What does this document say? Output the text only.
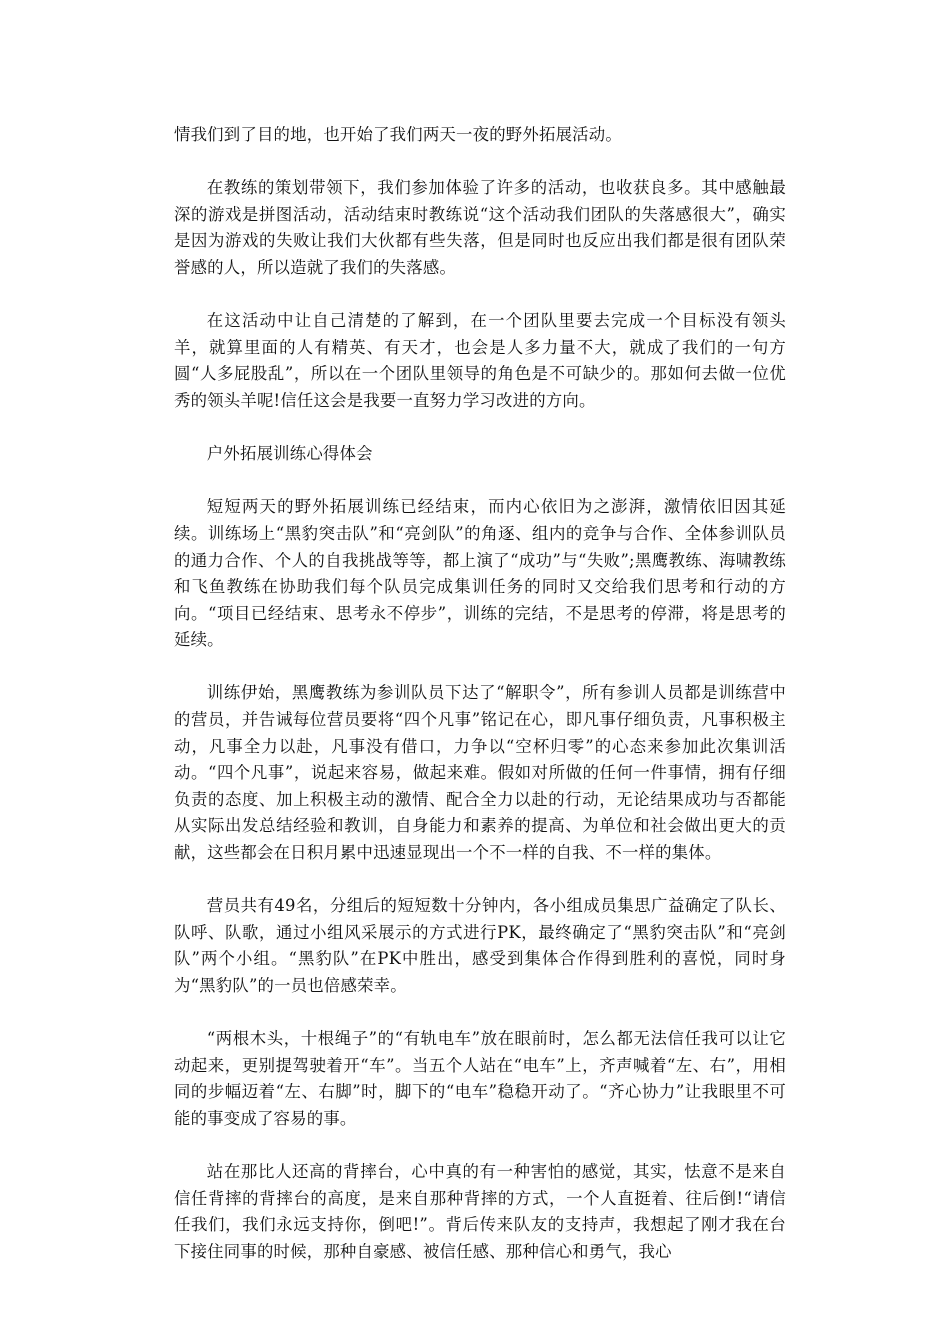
情我们到了目的地，也开始了我们两天一夜的野外拓展活动。

在教练的策划带领下，我们参加体验了许多的活动，也收获良多。其中感触最深的游戏是拼图活动，活动结束时教练说“这个活动我们团队的失落感很大”，确实是因为游戏的失败让我们大伙都有些失落，但是同时也反应出我们都是很有团队荣誉感的人，所以造就了我们的失落感。

在这活动中让自己清楚的了解到，在一个团队里要去完成一个目标没有领头羊，就算里面的人有精英、有天才，也会是人多力量不大，就成了我们的一句方圆“人多屁股乱”，所以在一个团队里领导的角色是不可缺少的。那如何去做一位优秀的领头羊呢!信任这会是我要一直努力学习改进的方向。

户外拓展训练心得体会

短短两天的野外拓展训练已经结束，而内心依旧为之澎湃，激情依旧因其延续。训练场上“黑豹突击队”和“亮剑队”的角逐、组内的竞争与合作、全体参训队员的通力合作、个人的自我挑战等等，都上演了“成功”与“失败”;黑鹰教练、海啸教练和飞鱼教练在协助我们每个队员完成集训任务的同时又交给我们思考和行动的方向。“项目已经结束、思考永不停步”，训练的完结，不是思考的停滞，将是思考的延续。

训练伊始，黑鹰教练为参训队员下达了“解职令”，所有参训人员都是训练营中的营员，并告诫每位营员要将“四个凡事”铭记在心，即凡事仔细负责，凡事积极主动，凡事全力以赴，凡事没有借口，力争以“空杯归零”的心态来参加此次集训活动。“四个凡事”，说起来容易，做起来难。假如对所做的任何一件事情，拥有仔细负责的态度、加上积极主动的激情、配合全力以赴的行动，无论结果成功与否都能从实际出发总结经验和教训，自身能力和素养的提高、为单位和社会做出更大的贡献，这些都会在日积月累中迅速显现出一个不一样的自我、不一样的集体。

营员共有49名，分组后的短短数十分钟内，各小组成员集思广益确定了队长、队呼、队歌，通过小组风采展示的方式进行PK，最终确定了“黑豹突击队”和“亮剑队”两个小组。“黑豹队”在PK中胜出，感受到集体合作得到胜利的喜悦，同时身为“黑豹队”的一员也倍感荣幸。

“两根木头，十根绳子”的“有轨电车”放在眼前时，怎么都无法信任我可以让它动起来，更别提驾驶着开“车”。当五个人站在“电车”上，齐声喊着“左、右”，用相同的步幅迈着“左、右脚”时，脚下的“电车”稳稳开动了。“齐心协力”让我眼里不可能的事变成了容易的事。

站在那比人还高的背摔台，心中真的有一种害怕的感觉，其实，怯意不是来自信任背摔的背摔台的高度，是来自那种背摔的方式，一个人直挺着、往后倒!“请信任我们，我们永远支持你，倒吧!”。背后传来队友的支持声，我想起了刚才我在台下接住同事的时候，那种自豪感、被信任感、那种信心和勇气，我心
